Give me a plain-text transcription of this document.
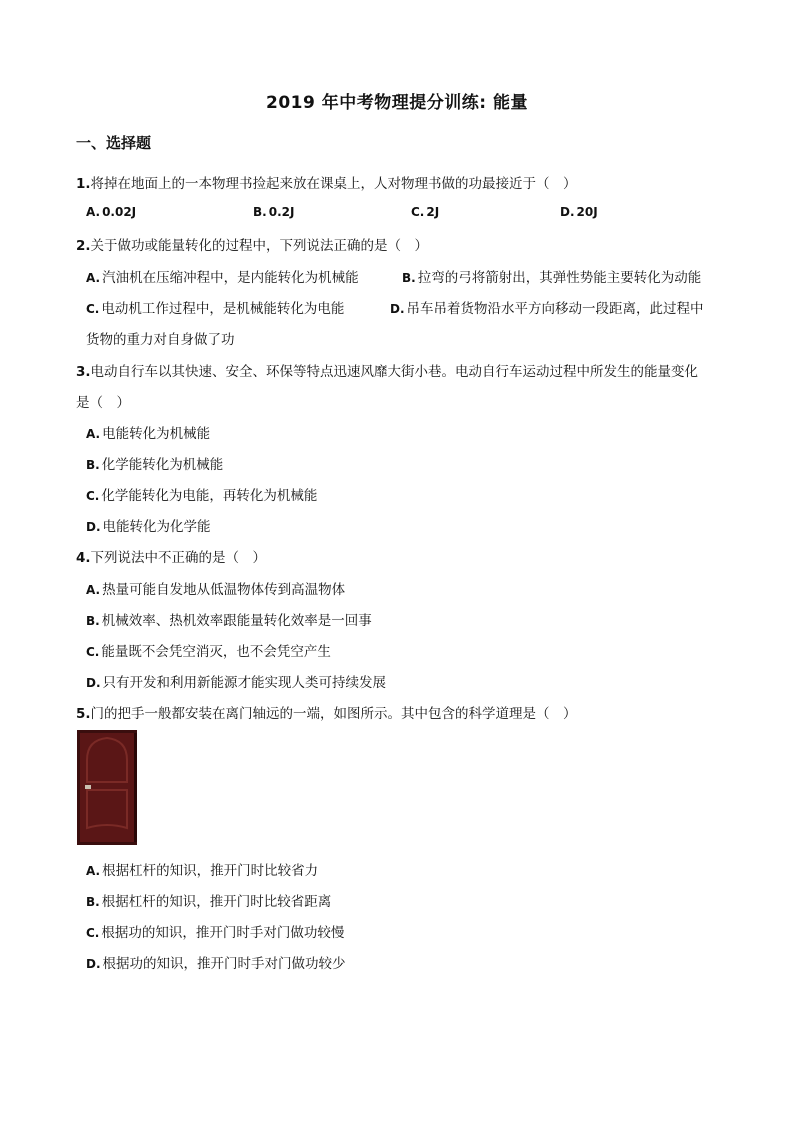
2019 年中考物理提分训练: 能量
一、选择题
1.将掉在地面上的一本物理书捡起来放在课桌上，人对物理书做的功最接近于（　）
A. 0.02J	B. 0.2J	C. 2J	D. 20J
2.关于做功或能量转化的过程中，下列说法正确的是（　）
A. 汽油机在压缩冲程中，是内能转化为机械能	B. 拉弯的弓将箭射出，其弹性势能主要转化为动能
C. 电动机工作过程中，是机械能转化为电能	D. 吊车吊着货物沿水平方向移动一段距离，此过程中
货物的重力对自身做了功
3.电动自行车以其快速、安全、环保等特点迅速风靡大街小巷。电动自行车运动过程中所发生的能量变化
是（　）
A. 电能转化为机械能
B. 化学能转化为机械能
C. 化学能转化为电能，再转化为机械能
D. 电能转化为化学能
4.下列说法中不正确的是（　）
A. 热量可能自发地从低温物体传到高温物体
B. 机械效率、热机效率跟能量转化效率是一回事
C. 能量既不会凭空消灭，也不会凭空产生
D. 只有开发和利用新能源才能实现人类可持续发展
5.门的把手一般都安装在离门轴远的一端，如图所示。其中包含的科学道理是（　）
A. 根据杠杆的知识，推开门时比较省力
B. 根据杠杆的知识，推开门时比较省距离
C. 根据功的知识，推开门时手对门做功较慢
D. 根据功的知识，推开门时手对门做功较少
